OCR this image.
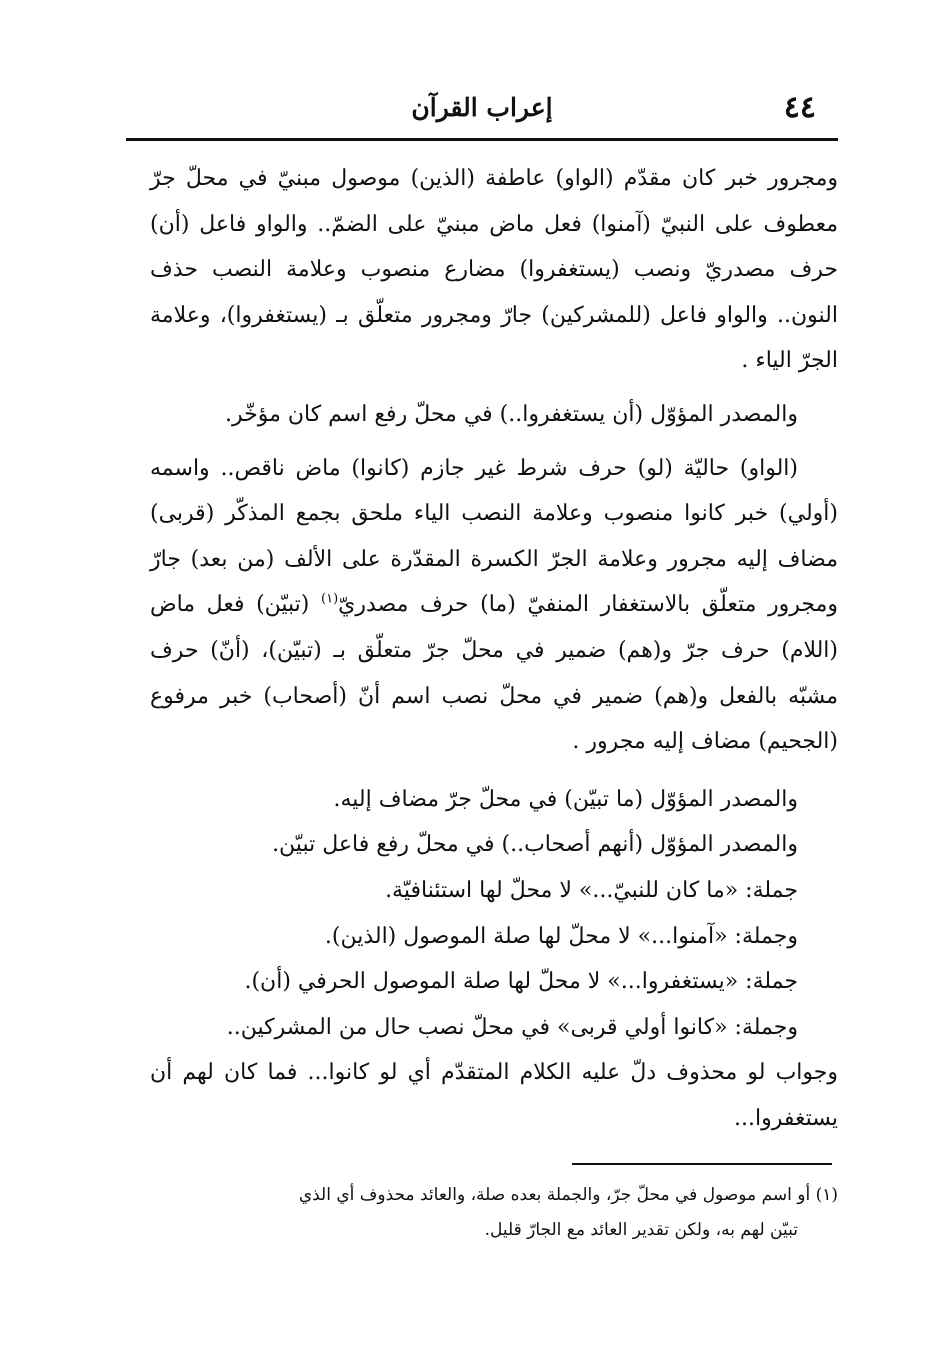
٤٤
إعراب القرآن

ومجرور خبر كان مقدّم (الواو) عاطفة (الذين) موصول مبنيّ في محلّ جرّ معطوف على النبيّ (آمنوا) فعل ماض مبنيّ على الضمّ.. والواو فاعل (أن) حرف مصدريّ ونصب (يستغفروا) مضارع منصوب وعلامة النصب حذف النون.. والواو فاعل (للمشركين) جارّ ومجرور متعلّق بـ (يستغفروا)، وعلامة الجرّ الياء .

والمصدر المؤوّل (أن يستغفروا..) في محلّ رفع اسم كان مؤخّر.

(الواو) حاليّة (لو) حرف شرط غير جازم (كانوا) ماض ناقص.. واسمه (أولي) خبر كانوا منصوب وعلامة النصب الياء ملحق بجمع المذكّر (قربى) مضاف إليه مجرور وعلامة الجرّ الكسرة المقدّرة على الألف (من بعد) جارّ ومجرور متعلّق بالاستغفار المنفيّ (ما) حرف مصدريّ$^{(١)}$ (تبيّن) فعل ماض (اللام) حرف جرّ و(هم) ضمير في محلّ جرّ متعلّق بـ (تبيّن)، (أنّ) حرف مشبّه بالفعل و(هم) ضمير في محلّ نصب اسم أنّ (أصحاب) خبر مرفوع (الجحيم) مضاف إليه مجرور .

والمصدر المؤوّل (ما تبيّن) في محلّ جرّ مضاف إليه.

والمصدر المؤوّل (أنهم أصحاب..) في محلّ رفع فاعل تبيّن.

جملة: «ما كان للنبيّ...» لا محلّ لها استئنافيّة.

وجملة: «آمنوا...» لا محلّ لها صلة الموصول (الذين).

جملة: «يستغفروا...» لا محلّ لها صلة الموصول الحرفي (أن).

وجملة: «كانوا أولي قربى» في محلّ نصب حال من المشركين..

وجواب لو محذوف دلّ عليه الكلام المتقدّم أي لو كانوا... فما كان لهم أن يستغفروا...

(١) أو اسم موصول في محلّ جرّ، والجملة بعده صلة، والعائد محذوف أي الذي

تبيّن لهم به، ولكن تقدير العائد مع الجارّ قليل.
